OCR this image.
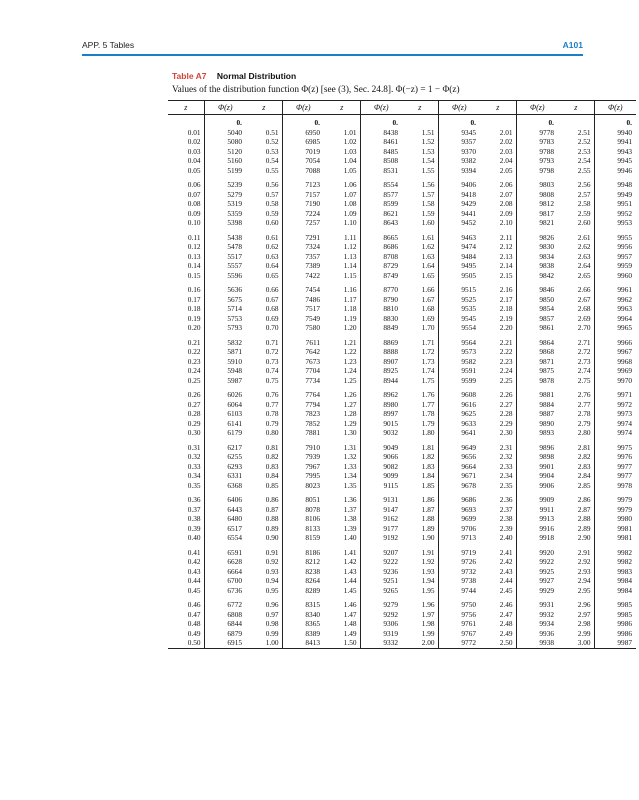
APP. 5 Tables	A101
Table A7 Normal Distribution
Values of the distribution function Φ(z) [see (3), Sec. 24.8]. Φ(−z) = 1 − Φ(z)
z	Φ(z)	z	Φ(z)	z	Φ(z)	z	Φ(z)	z	Φ(z)	z	Φ(z)
	0.		0.		0.		0.		0.		0.
0.01	5040	0.51	6950	1.01	8438	1.51	9345	2.01	9778	2.51	9940
0.02	5080	0.52	6985	1.02	8461	1.52	9357	2.02	9783	2.52	9941
0.03	5120	0.53	7019	1.03	8485	1.53	9370	2.03	9788	2.53	9943
0.04	5160	0.54	7054	1.04	8508	1.54	9382	2.04	9793	2.54	9945
0.05	5199	0.55	7088	1.05	8531	1.55	9394	2.05	9798	2.55	9946
0.06	5239	0.56	7123	1.06	8554	1.56	9406	2.06	9803	2.56	9948
0.07	5279	0.57	7157	1.07	8577	1.57	9418	2.07	9808	2.57	9949
0.08	5319	0.58	7190	1.08	8599	1.58	9429	2.08	9812	2.58	9951
0.09	5359	0.59	7224	1.09	8621	1.59	9441	2.09	9817	2.59	9952
0.10	5398	0.60	7257	1.10	8643	1.60	9452	2.10	9821	2.60	9953
0.11	5438	0.61	7291	1.11	8665	1.61	9463	2.11	9826	2.61	9955
0.12	5478	0.62	7324	1.12	8686	1.62	9474	2.12	9830	2.62	9956
0.13	5517	0.63	7357	1.13	8708	1.63	9484	2.13	9834	2.63	9957
0.14	5557	0.64	7389	1.14	8729	1.64	9495	2.14	9838	2.64	9959
0.15	5596	0.65	7422	1.15	8749	1.65	9505	2.15	9842	2.65	9960
0.16	5636	0.66	7454	1.16	8770	1.66	9515	2.16	9846	2.66	9961
0.17	5675	0.67	7486	1.17	8790	1.67	9525	2.17	9850	2.67	9962
0.18	5714	0.68	7517	1.18	8810	1.68	9535	2.18	9854	2.68	9963
0.19	5753	0.69	7549	1.19	8830	1.69	9545	2.19	9857	2.69	9964
0.20	5793	0.70	7580	1.20	8849	1.70	9554	2.20	9861	2.70	9965
0.21	5832	0.71	7611	1.21	8869	1.71	9564	2.21	9864	2.71	9966
0.22	5871	0.72	7642	1.22	8888	1.72	9573	2.22	9868	2.72	9967
0.23	5910	0.73	7673	1.23	8907	1.73	9582	2.23	9871	2.73	9968
0.24	5948	0.74	7704	1.24	8925	1.74	9591	2.24	9875	2.74	9969
0.25	5987	0.75	7734	1.25	8944	1.75	9599	2.25	9878	2.75	9970
0.26	6026	0.76	7764	1.26	8962	1.76	9608	2.26	9881	2.76	9971
0.27	6064	0.77	7794	1.27	8980	1.77	9616	2.27	9884	2.77	9972
0.28	6103	0.78	7823	1.28	8997	1.78	9625	2.28	9887	2.78	9973
0.29	6141	0.79	7852	1.29	9015	1.79	9633	2.29	9890	2.79	9974
0.30	6179	0.80	7881	1.30	9032	1.80	9641	2.30	9893	2.80	9974
0.31	6217	0.81	7910	1.31	9049	1.81	9649	2.31	9896	2.81	9975
0.32	6255	0.82	7939	1.32	9066	1.82	9656	2.32	9898	2.82	9976
0.33	6293	0.83	7967	1.33	9082	1.83	9664	2.33	9901	2.83	9977
0.34	6331	0.84	7995	1.34	9099	1.84	9671	2.34	9904	2.84	9977
0.35	6368	0.85	8023	1.35	9115	1.85	9678	2.35	9906	2.85	9978
0.36	6406	0.86	8051	1.36	9131	1.86	9686	2.36	9909	2.86	9979
0.37	6443	0.87	8078	1.37	9147	1.87	9693	2.37	9911	2.87	9979
0.38	6480	0.88	8106	1.38	9162	1.88	9699	2.38	9913	2.88	9980
0.39	6517	0.89	8133	1.39	9177	1.89	9706	2.39	9916	2.89	9981
0.40	6554	0.90	8159	1.40	9192	1.90	9713	2.40	9918	2.90	9981
0.41	6591	0.91	8186	1.41	9207	1.91	9719	2.41	9920	2.91	9982
0.42	6628	0.92	8212	1.42	9222	1.92	9726	2.42	9922	2.92	9982
0.43	6664	0.93	8238	1.43	9236	1.93	9732	2.43	9925	2.93	9983
0.44	6700	0.94	8264	1.44	9251	1.94	9738	2.44	9927	2.94	9984
0.45	6736	0.95	8289	1.45	9265	1.95	9744	2.45	9929	2.95	9984
0.46	6772	0.96	8315	1.46	9279	1.96	9750	2.46	9931	2.96	9985
0.47	6808	0.97	8340	1.47	9292	1.97	9756	2.47	9932	2.97	9985
0.48	6844	0.98	8365	1.48	9306	1.98	9761	2.48	9934	2.98	9986
0.49	6879	0.99	8389	1.49	9319	1.99	9767	2.49	9936	2.99	9986
0.50	6915	1.00	8413	1.50	9332	2.00	9772	2.50	9938	3.00	9987
